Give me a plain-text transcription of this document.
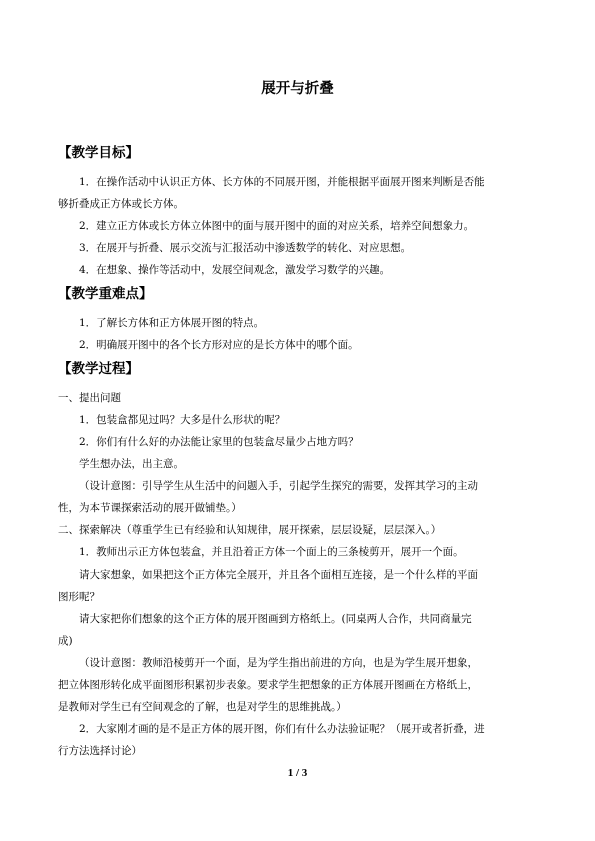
展开与折叠
【教学目标】
1．在操作活动中认识正方体、长方体的不同展开图，并能根据平面展开图来判断是否能
够折叠成正方体或长方体。
2．建立正方体或长方体立体图中的面与展开图中的面的对应关系，培养空间想象力。
3．在展开与折叠、展示交流与汇报活动中渗透数学的转化、对应思想。
4．在想象、操作等活动中，发展空间观念，激发学习数学的兴趣。
【教学重难点】
1．了解长方体和正方体展开图的特点。
2．明确展开图中的各个长方形对应的是长方体中的哪个面。
【教学过程】
一、提出问题
1．包装盒都见过吗？大多是什么形状的呢？
2．你们有什么好的办法能让家里的包装盒尽量少占地方吗？
学生想办法，出主意。
（设计意图：引导学生从生活中的问题入手，引起学生探究的需要，发挥其学习的主动
性，为本节课探索活动的展开做铺垫。）
二、探索解决（尊重学生已有经验和认知规律，展开探索，层层设疑，层层深入。）
1．教师出示正方体包装盒，并且沿着正方体一个面上的三条棱剪开，展开一个面。
请大家想象，如果把这个正方体完全展开，并且各个面相互连接，是一个什么样的平面
图形呢？
请大家把你们想象的这个正方体的展开图画到方格纸上。(同桌两人合作，共同商量完
成)
（设计意图：教师沿棱剪开一个面，是为学生指出前进的方向，也是为学生展开想象，
把立体图形转化成平面图形积累初步表象。要求学生把想象的正方体展开图画在方格纸上，
是教师对学生已有空间观念的了解，也是对学生的思维挑战。）
2．大家刚才画的是不是正方体的展开图，你们有什么办法验证呢？（展开或者折叠，进
行方法选择讨论）
1 / 3
